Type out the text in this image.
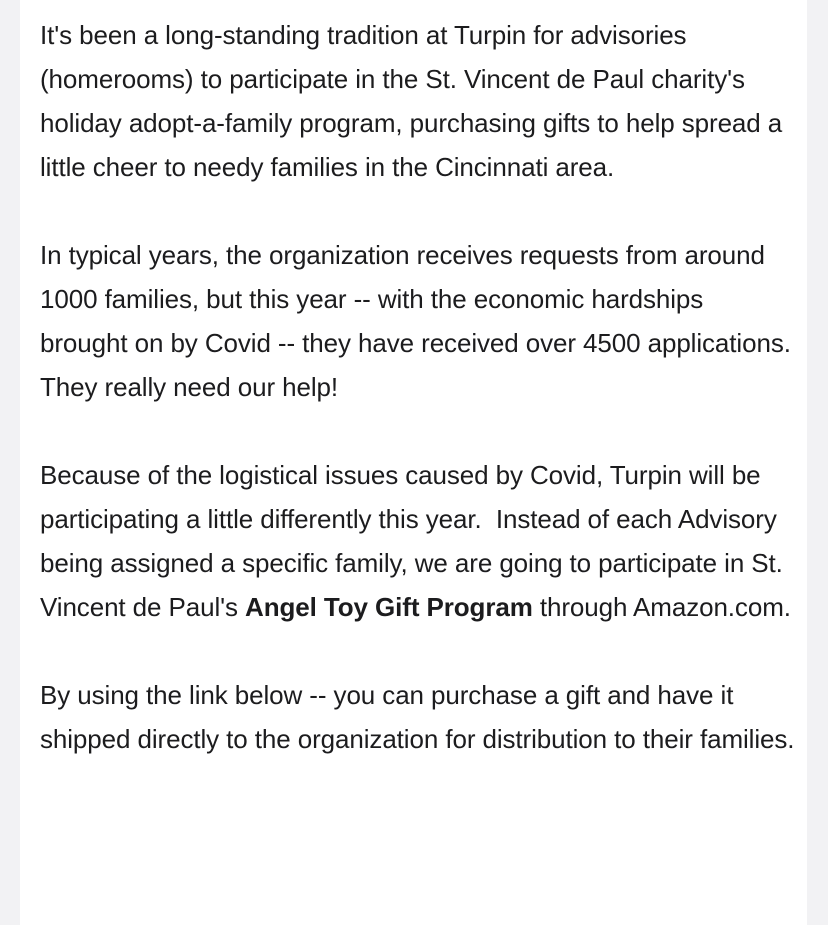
It's been a long-standing tradition at Turpin for advisories (homerooms) to participate in the St. Vincent de Paul charity's holiday adopt-a-family program, purchasing gifts to help spread a little cheer to needy families in the Cincinnati area.

In typical years, the organization receives requests from around 1000 families, but this year -- with the economic hardships brought on by Covid -- they have received over 4500 applications.  They really need our help!

Because of the logistical issues caused by Covid, Turpin will be participating a little differently this year.  Instead of each Advisory being assigned a specific family, we are going to participate in St. Vincent de Paul's Angel Toy Gift Program through Amazon.com.

By using the link below -- you can purchase a gift and have it shipped directly to the organization for distribution to their families.
